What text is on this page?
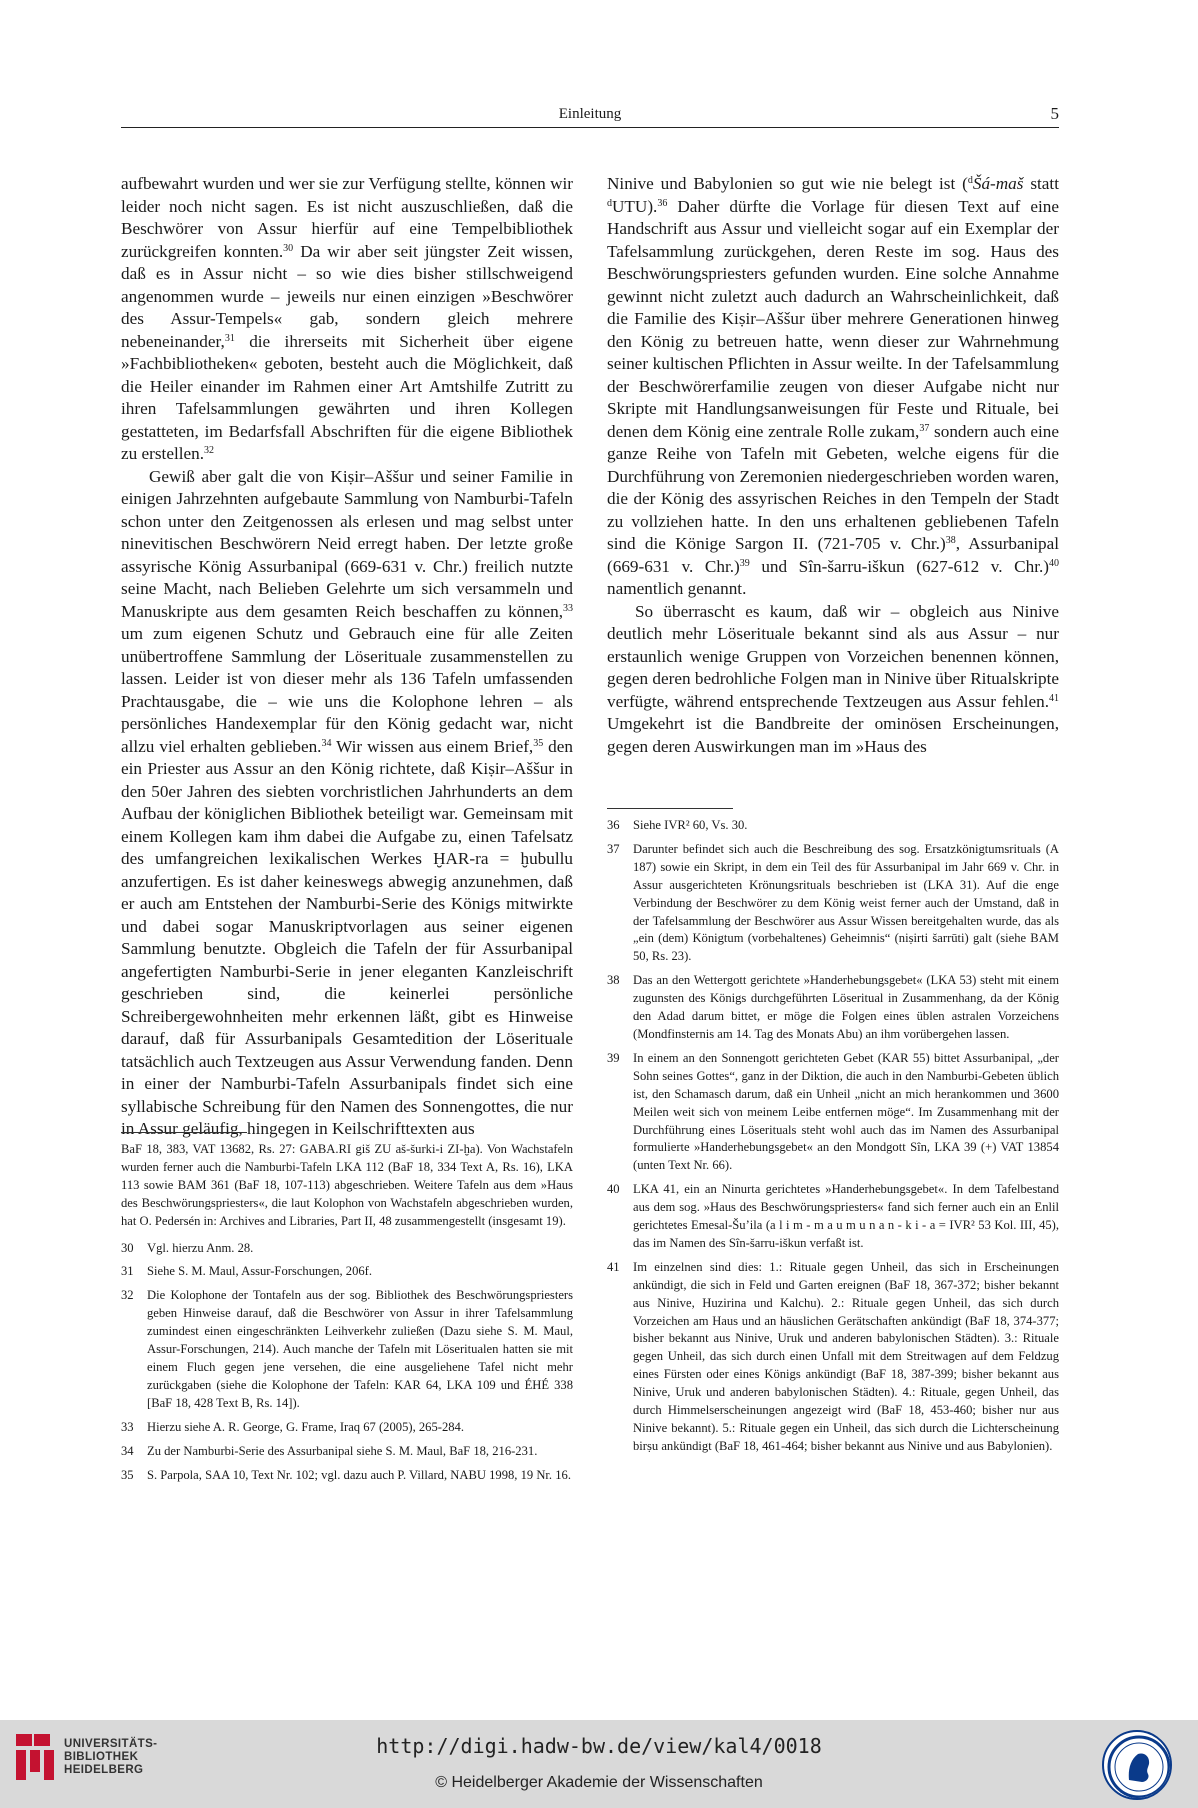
Einleitung	5

aufbewahrt wurden und wer sie zur Verfügung stellte, können wir leider noch nicht sagen. Es ist nicht auszuschließen, daß die Beschwörer von Assur hierfür auf eine Tempelbibliothek zurückgreifen konnten.$^{30}$ Da wir aber seit jüngster Zeit wissen, daß es in Assur nicht – so wie dies bisher stillschweigend angenommen wurde – jeweils nur einen einzigen »Beschwörer des Assur-Tempels« gab, sondern gleich mehrere nebeneinander,$^{31}$ die ihrerseits mit Sicherheit über eigene »Fachbibliotheken« geboten, besteht auch die Möglichkeit, daß die Heiler einander im Rahmen einer Art Amtshilfe Zutritt zu ihren Tafelsammlungen gewährten und ihren Kollegen gestatteten, im Bedarfsfall Abschriften für die eigene Bibliothek zu erstellen.$^{32}$

Gewiß aber galt die von Kiṣir–Aššur und seiner Familie in einigen Jahrzehnten aufgebaute Sammlung von Namburbi-Tafeln schon unter den Zeitgenossen als erlesen und mag selbst unter ninevitischen Beschwörern Neid erregt haben. Der letzte große assyrische König Assurbanipal (669-631 v. Chr.) freilich nutzte seine Macht, nach Belieben Gelehrte um sich versammeln und Manuskripte aus dem gesamten Reich beschaffen zu können,$^{33}$ um zum eigenen Schutz und Gebrauch eine für alle Zeiten unübertroffene Sammlung der Löserituale zusammenstellen zu lassen. Leider ist von dieser mehr als 136 Tafeln umfassenden Prachtausgabe, die – wie uns die Kolophone lehren – als persönliches Handexemplar für den König gedacht war, nicht allzu viel erhalten geblieben.$^{34}$ Wir wissen aus einem Brief,$^{35}$ den ein Priester aus Assur an den König richtete, daß Kiṣir–Aššur in den 50er Jahren des siebten vorchristlichen Jahrhunderts an dem Aufbau der königlichen Bibliothek beteiligt war. Gemeinsam mit einem Kollegen kam ihm dabei die Aufgabe zu, einen Tafelsatz des umfangreichen lexikalischen Werkes ḪAR-ra = ḫubullu anzufertigen. Es ist daher keineswegs abwegig anzunehmen, daß er auch am Entstehen der Namburbi-Serie des Königs mitwirkte und dabei sogar Manuskriptvorlagen aus seiner eigenen Sammlung benutzte. Obgleich die Tafeln der für Assurbanipal angefertigten Namburbi-Serie in jener eleganten Kanzleischrift geschrieben sind, die keinerlei persönliche Schreibergewohnheiten mehr erkennen läßt, gibt es Hinweise darauf, daß für Assurbanipals Gesamtedition der Löserituale tatsächlich auch Textzeugen aus Assur Verwendung fanden. Denn in einer der Namburbi-Tafeln Assurbanipals findet sich eine syllabische Schreibung für den Namen des Sonnengottes, die nur in Assur geläufig, hingegen in Keilschrifttexten aus

Ninive und Babylonien so gut wie nie belegt ist ($^d$Šá-maš statt $^d$UTU).$^{36}$ Daher dürfte die Vorlage für diesen Text auf eine Handschrift aus Assur und vielleicht sogar auf ein Exemplar der Tafelsammlung zurückgehen, deren Reste im sog. Haus des Beschwörungspriesters gefunden wurden. Eine solche Annahme gewinnt nicht zuletzt auch dadurch an Wahrscheinlichkeit, daß die Familie des Kiṣir–Aššur über mehrere Generationen hinweg den König zu betreuen hatte, wenn dieser zur Wahrnehmung seiner kultischen Pflichten in Assur weilte. In der Tafelsammlung der Beschwörerfamilie zeugen von dieser Aufgabe nicht nur Skripte mit Handlungsanweisungen für Feste und Rituale, bei denen dem König eine zentrale Rolle zukam,$^{37}$ sondern auch eine ganze Reihe von Tafeln mit Gebeten, welche eigens für die Durchführung von Zeremonien niedergeschrieben worden waren, die der König des assyrischen Reiches in den Tempeln der Stadt zu vollziehen hatte. In den uns erhaltenen gebliebenen Tafeln sind die Könige Sargon II. (721-705 v. Chr.)$^{38}$, Assurbanipal (669-631 v. Chr.)$^{39}$ und Sîn-šarru-iškun (627-612 v. Chr.)$^{40}$ namentlich genannt.

So überrascht es kaum, daß wir – obgleich aus Ninive deutlich mehr Löserituale bekannt sind als aus Assur – nur erstaunlich wenige Gruppen von Vorzeichen benennen können, gegen deren bedrohliche Folgen man in Ninive über Ritualskripte verfügte, während entsprechende Textzeugen aus Assur fehlen.$^{41}$ Umgekehrt ist die Bandbreite der ominösen Erscheinungen, gegen deren Auswirkungen man im »Haus des

BaF 18, 383, VAT 13682, Rs. 27: GABA.RI giš ZU aš-šurki-i ZI-ḫa). Von Wachstafeln wurden ferner auch die Namburbi-Tafeln LKA 112 (BaF 18, 334 Text A, Rs. 16), LKA 113 sowie BAM 361 (BaF 18, 107-113) abgeschrieben. Weitere Tafeln aus dem »Haus des Beschwörungspriesters«, die laut Kolophon von Wachstafeln abgeschrieben wurden, hat O. Pedersén in: Archives and Libraries, Part II, 48 zusammengestellt (insgesamt 19).
30	Vgl. hierzu Anm. 28.
31	Siehe S. M. Maul, Assur-Forschungen, 206f.
32	Die Kolophone der Tontafeln aus der sog. Bibliothek des Beschwörungspriesters geben Hinweise darauf, daß die Beschwörer von Assur in ihrer Tafelsammlung zumindest einen eingeschränkten Leihverkehr zuließen (Dazu siehe S. M. Maul, Assur-Forschungen, 214). Auch manche der Tafeln mit Löseritualen hatten sie mit einem Fluch gegen jene versehen, die eine ausgeliehene Tafel nicht mehr zurückgaben (siehe die Kolophone der Tafeln: KAR 64, LKA 109 und ÉHÉ 338 [BaF 18, 428 Text B, Rs. 14]).
33	Hierzu siehe A. R. George, G. Frame, Iraq 67 (2005), 265-284.
34	Zu der Namburbi-Serie des Assurbanipal siehe S. M. Maul, BaF 18, 216-231.
35	S. Parpola, SAA 10, Text Nr. 102; vgl. dazu auch P. Villard, NABU 1998, 19 Nr. 16.
36	Siehe IVR² 60, Vs. 30.
37	Darunter befindet sich auch die Beschreibung des sog. Ersatzkönigtumsrituals (A 187) sowie ein Skript, in dem ein Teil des für Assurbanipal im Jahr 669 v. Chr. in Assur ausgerichteten Krönungsrituals beschrieben ist (LKA 31). Auf die enge Verbindung der Beschwörer zu dem König weist ferner auch der Umstand, daß in der Tafelsammlung der Beschwörer aus Assur Wissen bereitgehalten wurde, das als „ein (dem) Königtum (vorbehaltenes) Geheimnis“ (niṣirti šarrūti) galt (siehe BAM 50, Rs. 23).
38	Das an den Wettergott gerichtete »Handerhebungsgebet« (LKA 53) steht mit einem zugunsten des Königs durchgeführten Löseritual in Zusammenhang, da der König den Adad darum bittet, er möge die Folgen eines üblen astralen Vorzeichens (Mondfinsternis am 14. Tag des Monats Abu) an ihm vorübergehen lassen.
39	In einem an den Sonnengott gerichteten Gebet (KAR 55) bittet Assurbanipal, „der Sohn seines Gottes“, ganz in der Diktion, die auch in den Namburbi-Gebeten üblich ist, den Schamasch darum, daß ein Unheil „nicht an mich herankommen und 3600 Meilen weit sich von meinem Leibe entfernen möge“. Im Zusammenhang mit der Durchführung eines Löserituals steht wohl auch das im Namen des Assurbanipal formulierte »Handerhebungsgebet« an den Mondgott Sîn, LKA 39 (+) VAT 13854 (unten Text Nr. 66).
40	LKA 41, ein an Ninurta gerichtetes »Handerhebungsgebet«. In dem Tafelbestand aus dem sog. »Haus des Beschwörungspriesters« fand sich ferner auch ein an Enlil gerichtetes Emesal-Šu’ila (a l i m - m a u m u n a n - k i - a = IVR² 53 Kol. III, 45), das im Namen des Sîn-šarru-iškun verfaßt ist.
41	Im einzelnen sind dies: 1.: Rituale gegen Unheil, das sich in Erscheinungen ankündigt, die sich in Feld und Garten ereignen (BaF 18, 367-372; bisher bekannt aus Ninive, Huzirina und Kalchu). 2.: Rituale gegen Unheil, das sich durch Vorzeichen am Haus und an häuslichen Gerätschaften ankündigt (BaF 18, 374-377; bisher bekannt aus Ninive, Uruk und anderen babylonischen Städten). 3.: Rituale gegen Unheil, das sich durch einen Unfall mit dem Streitwagen auf dem Feldzug eines Fürsten oder eines Königs ankündigt (BaF 18, 387-399; bisher bekannt aus Ninive, Uruk und anderen babylonischen Städten). 4.: Rituale, gegen Unheil, das durch Himmelserscheinungen angezeigt wird (BaF 18, 453-460; bisher nur aus Ninive bekannt). 5.: Rituale gegen ein Unheil, das sich durch die Lichterscheinung birṣu ankündigt (BaF 18, 461-464; bisher bekannt aus Ninive und aus Babylonien).
UNIVERSITÄTS-
BIBLIOTHEK
HEIDELBERG
http://digi.hadw-bw.de/view/kal4/0018
© Heidelberger Akademie der Wissenschaften
